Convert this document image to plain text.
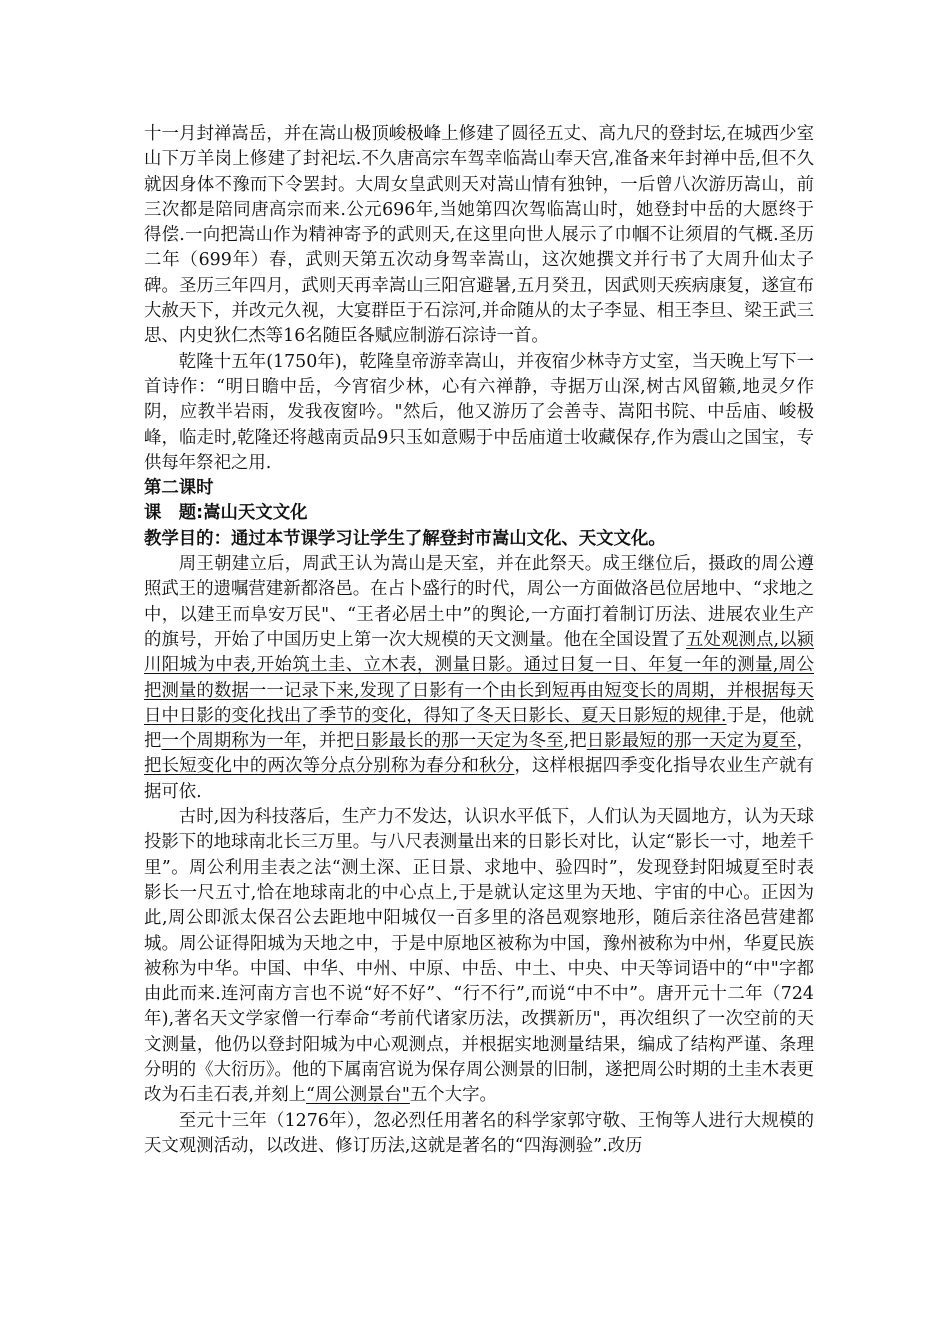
十一月封禅嵩岳，并在嵩山极顶峻极峰上修建了圆径五丈、高九尺的登封坛,在城西少室山下万羊岗上修建了封祀坛.不久唐高宗车驾幸临嵩山奉天宫,准备来年封禅中岳,但不久就因身体不豫而下令罢封。大周女皇武则天对嵩山情有独钟，一后曾八次游历嵩山，前三次都是陪同唐高宗而来.公元696年,当她第四次驾临嵩山时，她登封中岳的大愿终于得偿.一向把嵩山作为精神寄予的武则天,在这里向世人展示了巾帼不让须眉的气概.圣历二年（699年）春，武则天第五次动身驾幸嵩山，这次她撰文并行书了大周升仙太子碑。圣历三年四月，武则天再幸嵩山三阳宫避暑,五月癸丑，因武则天疾病康复，遂宣布大赦天下，并改元久视，大宴群臣于石淙河,并命随从的太子李显、相王李旦、梁王武三思、内史狄仁杰等16名随臣各赋应制游石淙诗一首。

乾隆十五年(1750年)，乾隆皇帝游幸嵩山，并夜宿少林寺方丈室，当天晚上写下一首诗作：“明日瞻中岳，今宵宿少林，心有六禅静，寺据万山深,树古风留籁,地灵夕作阴，应教半岩雨，发我夜窗吟。"然后，他又游历了会善寺、嵩阳书院、中岳庙、峻极峰，临走时,乾隆还将越南贡品9只玉如意赐于中岳庙道士收藏保存,作为震山之国宝，专供每年祭祀之用.

第二课时

课　题:嵩山天文文化

教学目的：通过本节课学习让学生了解登封市嵩山文化、天文文化。

周王朝建立后，周武王认为嵩山是天室，并在此祭天。成王继位后，摄政的周公遵照武王的遗嘱营建新都洛邑。在占卜盛行的时代，周公一方面做洛邑位居地中、“求地之中，以建王而阜安万民"、“王者必居土中”的舆论,一方面打着制订历法、进展农业生产的旗号，开始了中国历史上第一次大规模的天文测量。他在全国设置了五处观测点,以颍川阳城为中表,开始筑土圭、立木表，测量日影。通过日复一日、年复一年的测量,周公把测量的数据一一记录下来,发现了日影有一个由长到短再由短变长的周期，并根据每天日中日影的变化找出了季节的变化，得知了冬天日影长、夏天日影短的规律.于是，他就把一个周期称为一年，并把日影最长的那一天定为冬至,把日影最短的那一天定为夏至，把长短变化中的两次等分点分别称为春分和秋分，这样根据四季变化指导农业生产就有据可依.

古时,因为科技落后，生产力不发达，认识水平低下，人们认为天圆地方，认为天球投影下的地球南北长三万里。与八尺表测量出来的日影长对比，认定“影长一寸，地差千里”。周公利用圭表之法“测土深、正日景、求地中、验四时”，发现登封阳城夏至时表影长一尺五寸,恰在地球南北的中心点上,于是就认定这里为天地、宇宙的中心。正因为此,周公即派太保召公去距地中阳城仅一百多里的洛邑观察地形，随后亲往洛邑营建都城。周公证得阳城为天地之中，于是中原地区被称为中国，豫州被称为中州，华夏民族被称为中华。中国、中华、中州、中原、中岳、中土、中央、中天等词语中的“中"字都由此而来.连河南方言也不说“好不好”、“行不行”,而说“中不中”。唐开元十二年（724年),著名天文学家僧一行奉命“考前代诸家历法，改撰新历"，再次组织了一次空前的天文测量，他仍以登封阳城为中心观测点，并根据实地测量结果，编成了结构严谨、条理分明的《大衍历》。他的下属南宫说为保存周公测景的旧制，遂把周公时期的土圭木表更改为石圭石表,并刻上“周公测景台"五个大字。

至元十三年（1276年），忽必烈任用著名的科学家郭守敬、王恂等人进行大规模的天文观测活动，以改进、修订历法,这就是著名的“四海测验”.改历
